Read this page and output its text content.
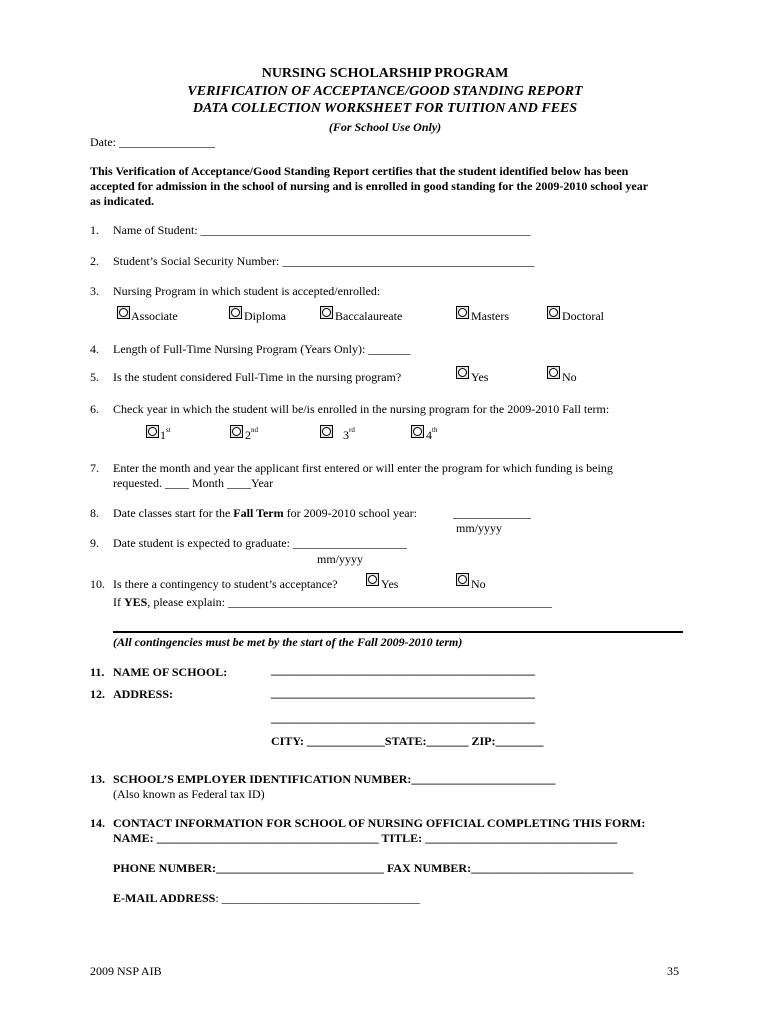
NURSING SCHOLARSHIP PROGRAM
VERIFICATION OF ACCEPTANCE/GOOD STANDING REPORT
DATA COLLECTION WORKSHEET FOR TUITION AND FEES
(For School Use Only)
Date: ________________
This Verification of Acceptance/Good Standing Report certifies that the student identified below has been
accepted for admission in the school of nursing and is enrolled in good standing for the 2009-2010 school year
as indicated.
1. Name of Student: _______________________________________________________
2. Student’s Social Security Number: __________________________________________
3. Nursing Program in which student is accepted/enrolled:
Associate	Diploma	Baccalaureate	Masters	Doctoral
4. Length of Full-Time Nursing Program (Years Only): _______
5. Is the student considered Full-Time in the nursing program?	Yes	No
6. Check year in which the student will be/is enrolled in the nursing program for the 2009-2010 Fall term:
1st	2nd	3rd	4th
7. Enter the month and year the applicant first entered or will enter the program for which funding is being
requested. ____ Month ____Year
8. Date classes start for the Fall Term for 2009-2010 school year:	_____________
mm/yyyy
9. Date student is expected to graduate: ___________________
mm/yyyy
10. Is there a contingency to student’s acceptance?	Yes	No
If YES, please explain: ______________________________________________________
(All contingencies must be met by the start of the Fall 2009-2010 term)
11. NAME OF SCHOOL:	____________________________________________
12. ADDRESS:	____________________________________________
____________________________________________
CITY: _____________STATE:_______ ZIP:________
13. SCHOOL’S EMPLOYER IDENTIFICATION NUMBER:________________________
(Also known as Federal tax ID)
14. CONTACT INFORMATION FOR SCHOOL OF NURSING OFFICIAL COMPLETING THIS FORM:
NAME: _____________________________________ TITLE: ________________________________
PHONE NUMBER:____________________________ FAX NUMBER:___________________________
E-MAIL ADDRESS: _________________________________
2009 NSP AIB	35
